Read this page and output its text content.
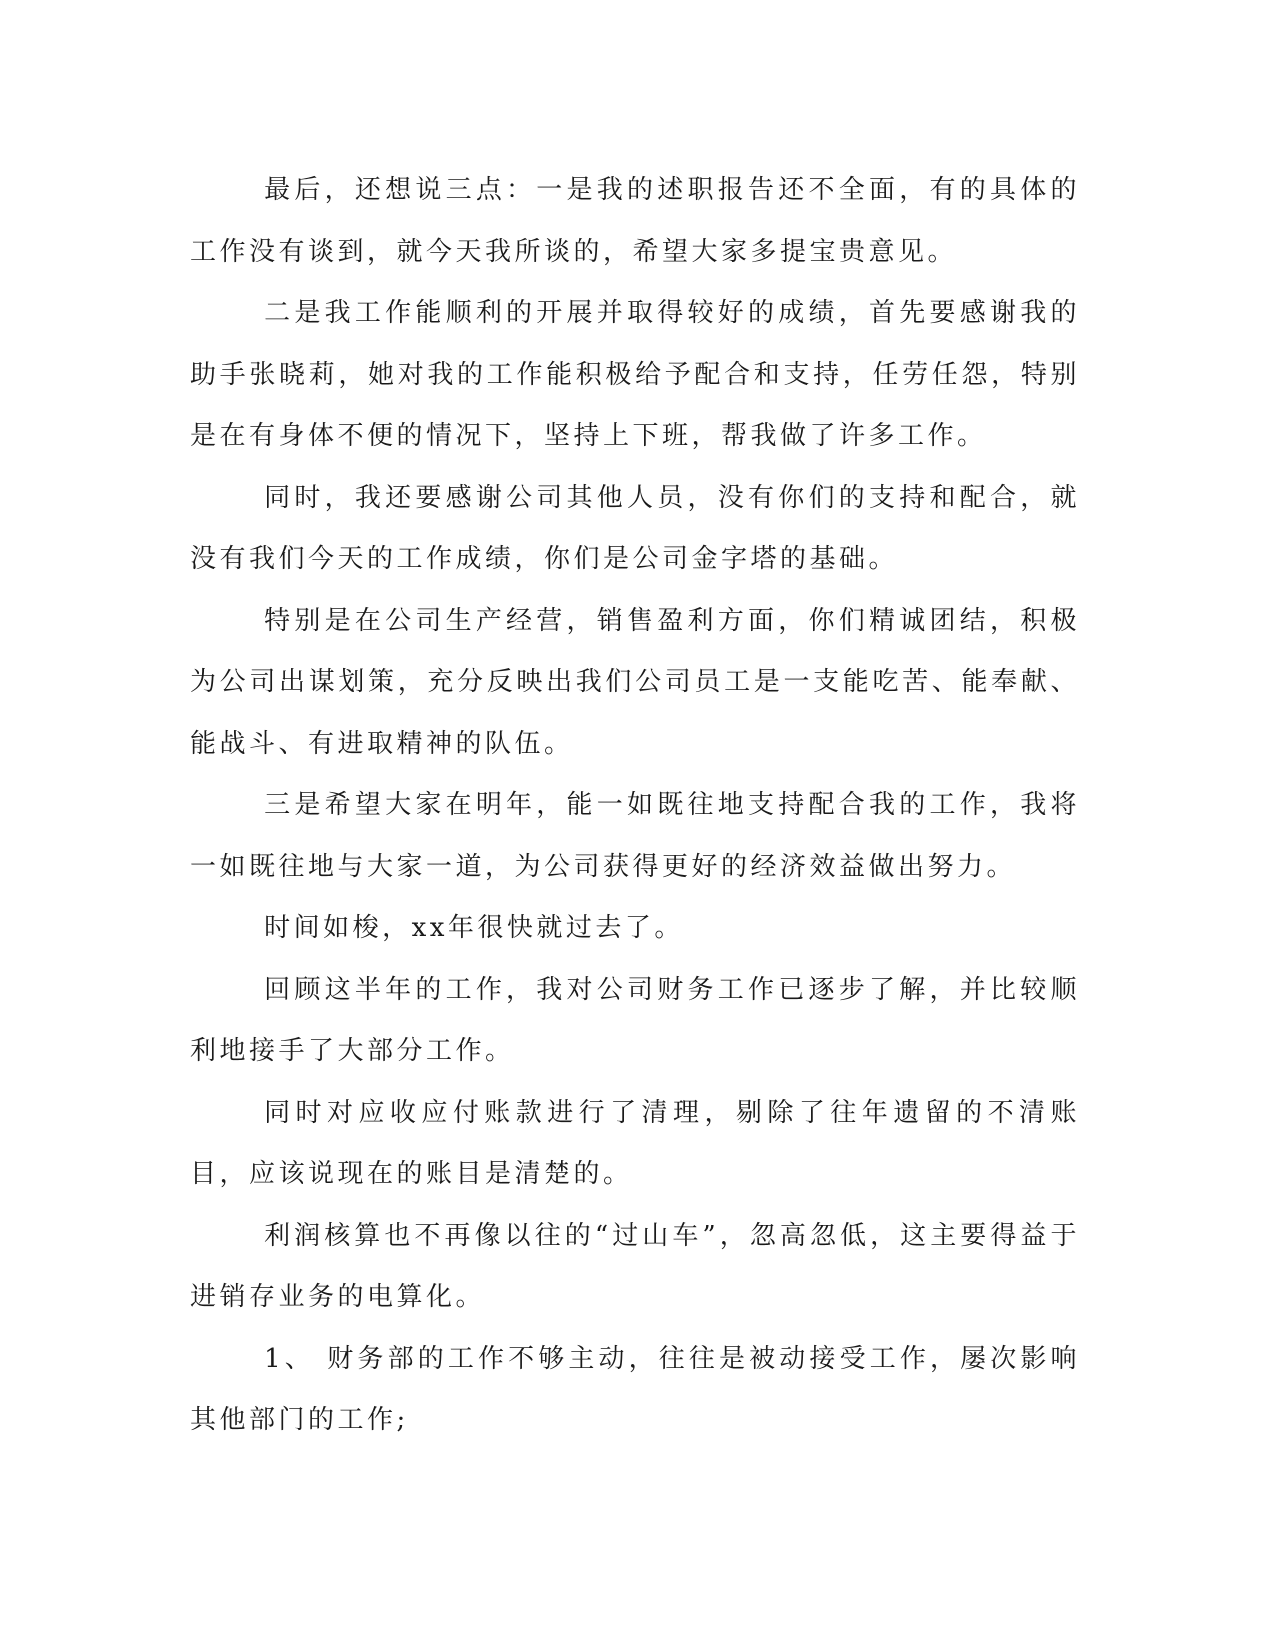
最后，还想说三点：一是我的述职报告还不全面，有的具体的工作没有谈到，就今天我所谈的，希望大家多提宝贵意见。

二是我工作能顺利的开展并取得较好的成绩，首先要感谢我的助手张晓莉，她对我的工作能积极给予配合和支持，任劳任怨，特别是在有身体不便的情况下，坚持上下班，帮我做了许多工作。

同时，我还要感谢公司其他人员，没有你们的支持和配合，就没有我们今天的工作成绩，你们是公司金字塔的基础。

特别是在公司生产经营，销售盈利方面，你们精诚团结，积极为公司出谋划策，充分反映出我们公司员工是一支能吃苦、能奉献、能战斗、有进取精神的队伍。

三是希望大家在明年，能一如既往地支持配合我的工作，我将一如既往地与大家一道，为公司获得更好的经济效益做出努力。

时间如梭，xx年很快就过去了。

回顾这半年的工作，我对公司财务工作已逐步了解，并比较顺利地接手了大部分工作。

同时对应收应付账款进行了清理，剔除了往年遗留的不清账目，应该说现在的账目是清楚的。

利润核算也不再像以往的“过山车”，忽高忽低，这主要得益于进销存业务的电算化。

1、 财务部的工作不够主动，往往是被动接受工作，屡次影响其他部门的工作;
